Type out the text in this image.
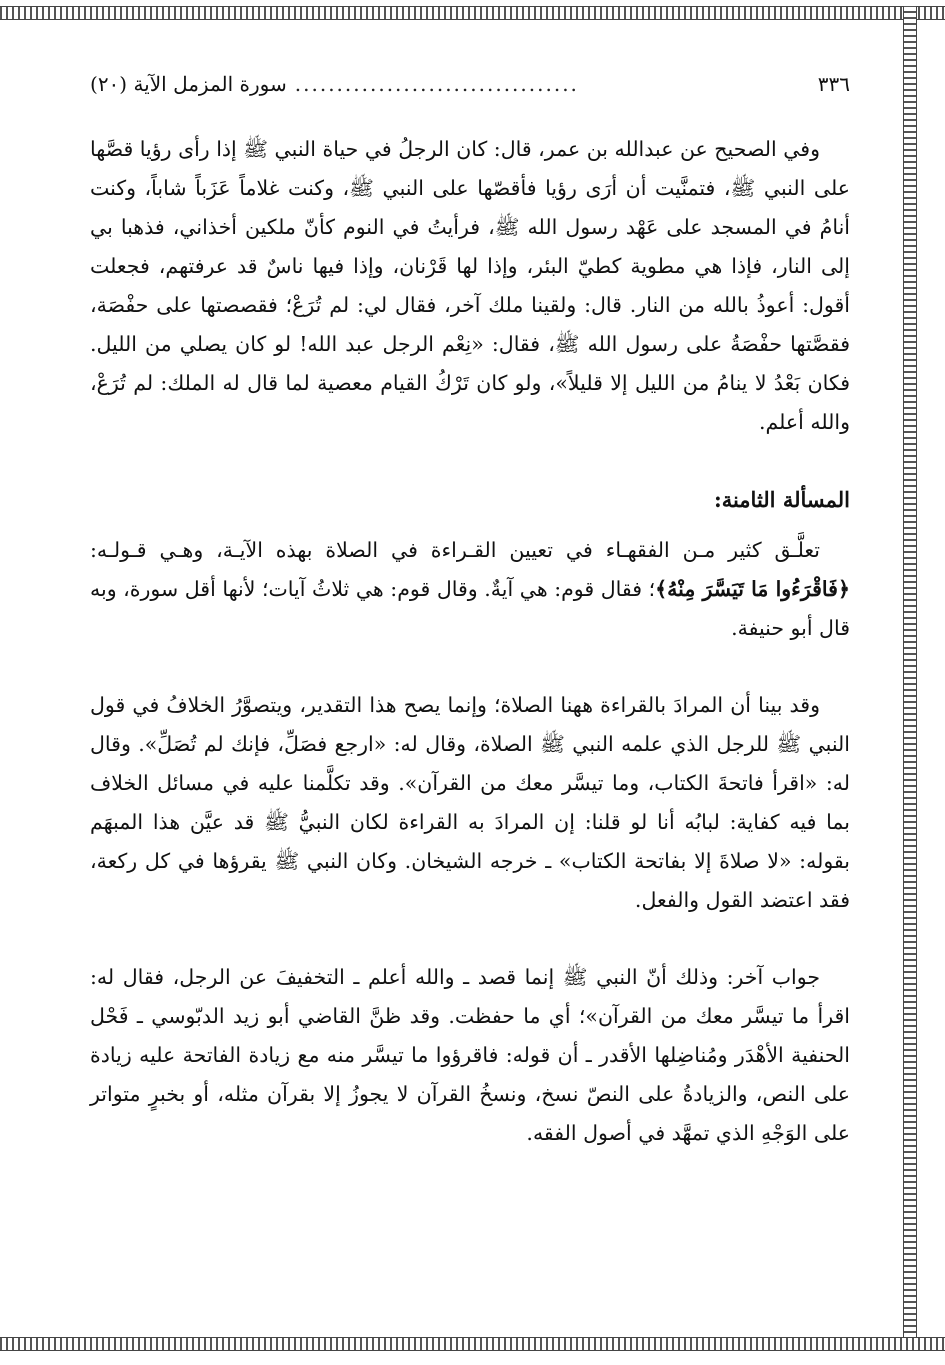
٣٣٦
..................................
سورة المزمل الآية (٢٠)

وفي الصحيح عن عبدالله بن عمر، قال: كان الرجلُ في حياة النبي ﷺ إذا رأى رؤيا قصَّها على النبي ﷺ، فتمنَّيت أن أرَى رؤيا فأقصّها على النبي ﷺ، وكنت غلاماً عَزَباً شاباً، وكنت أنامُ في المسجد على عَهْد رسول الله ﷺ، فرأيتُ في النوم كأنّ ملكين أخذاني، فذهبا بي إلى النار، فإذا هي مطوية كطيّ البئر، وإذا لها قَرْنان، وإذا فيها ناسٌ قد عرفتهم، فجعلت أقول: أعوذُ بالله من النار. قال: ولقينا ملك آخر، فقال لي: لم تُرَعْ؛ فقصصتها على حفْصَة، فقصَّتها حفْصَةُ على رسول الله ﷺ، فقال: «نِعْم الرجل عبد الله! لو كان يصلي من الليل. فكان بَعْدُ لا ينامُ من الليل إلا قليلاً»، ولو كان تَرْكُ القيام معصية لما قال له الملك: لم تُرَعْ، والله أعلم.

المسألة الثامنة:

تعلَّـق كثير مـن الفقهـاء في تعيين القـراءة في الصلاة بهذه الآيـة، وهـي قـولـه: ﴿فَاقْرَءُوا مَا تَيَسَّرَ مِنْهُ﴾؛ فقال قوم: هي آيةٌ. وقال قوم: هي ثلاثُ آيات؛ لأنها أقل سورة، وبه قال أبو حنيفة.

وقد بينا أن المرادَ بالقراءة ههنا الصلاة؛ وإنما يصح هذا التقدير، ويتصوَّرُ الخلافُ في قول النبي ﷺ للرجل الذي علمه النبي ﷺ الصلاة، وقال له: «ارجع فصَلِّ، فإنك لم تُصَلِّ». وقال له: «اقرأ فاتحةَ الكتاب، وما تيسَّر معك من القرآن». وقد تكلَّمنا عليه في مسائل الخلاف بما فيه كفاية: لبابُه أنا لو قلنا: إن المرادَ به القراءة لكان النبيُّ ﷺ قد عيَّن هذا المبهَم بقوله: «لا صلاةَ إلا بفاتحة الكتاب» ـ خرجه الشيخان. وكان النبي ﷺ يقرؤها في كل ركعة، فقد اعتضد القول والفعل.

جواب آخر: وذلك أنّ النبي ﷺ إنما قصد ـ والله أعلم ـ التخفيفَ عن الرجل، فقال له: اقرأ ما تيسَّر معك من القرآن»؛ أي ما حفظت. وقد ظنَّ القاضي أبو زيد الدبّوسي ـ فَحْل الحنفية الأهْدَر ومُناضِلها الأقدر ـ أن قوله: فاقرؤوا ما تيسَّر منه مع زيادة الفاتحة عليه زيادة على النص، والزيادةُ على النصّ نسخ، ونسخُ القرآن لا يجوزُ إلا بقرآن مثله، أو بخبرٍ متواتر على الوَجْهِ الذي تمهَّد في أصول الفقه.
